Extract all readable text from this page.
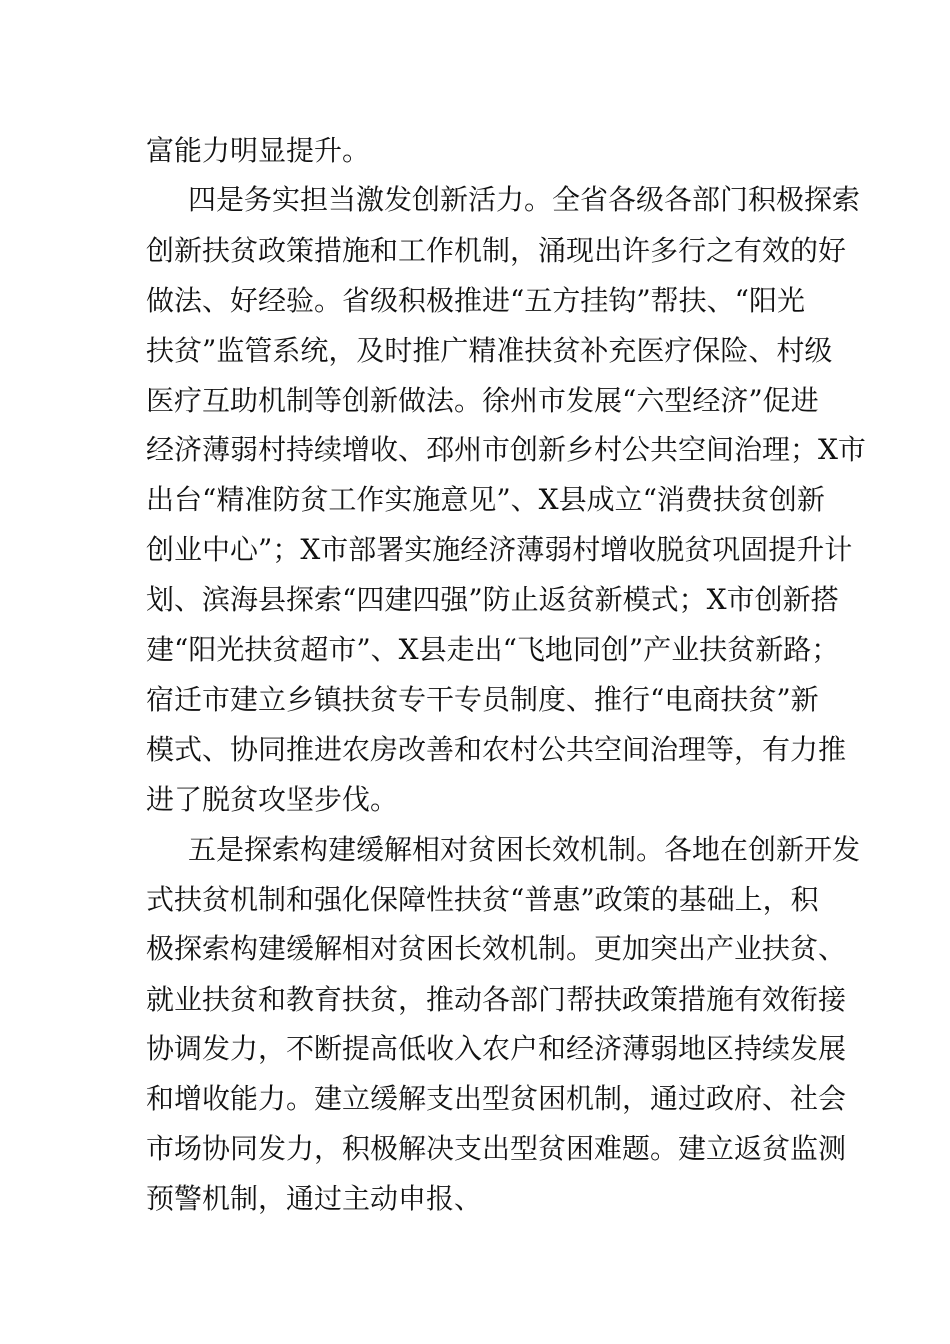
富能力明显提升。

四是务实担当激发创新活力。全省各级各部门积极探索

创新扶贫政策措施和工作机制，涌现出许多行之有效的好

做法、好经验。省级积极推进“五方挂钩”帮扶、“阳光

扶贫”监管系统，及时推广精准扶贫补充医疗保险、村级

医疗互助机制等创新做法。徐州市发展“六型经济”促进

经济薄弱村持续增收、邳州市创新乡村公共空间治理；X市

出台“精准防贫工作实施意见”、X县成立“消费扶贫创新

创业中心”；X市部署实施经济薄弱村增收脱贫巩固提升计

划、滨海县探索“四建四强”防止返贫新模式；X市创新搭

建“阳光扶贫超市”、X县走出“飞地同创”产业扶贫新路；

宿迁市建立乡镇扶贫专干专员制度、推行“电商扶贫”新

模式、协同推进农房改善和农村公共空间治理等，有力推

进了脱贫攻坚步伐。

五是探索构建缓解相对贫困长效机制。各地在创新开发

式扶贫机制和强化保障性扶贫“普惠”政策的基础上，积

极探索构建缓解相对贫困长效机制。更加突出产业扶贫、

就业扶贫和教育扶贫，推动各部门帮扶政策措施有效衔接

协调发力，不断提高低收入农户和经济薄弱地区持续发展

和增收能力。建立缓解支出型贫困机制，通过政府、社会

市场协同发力，积极解决支出型贫困难题。建立返贫监测

预警机制，通过主动申报、
